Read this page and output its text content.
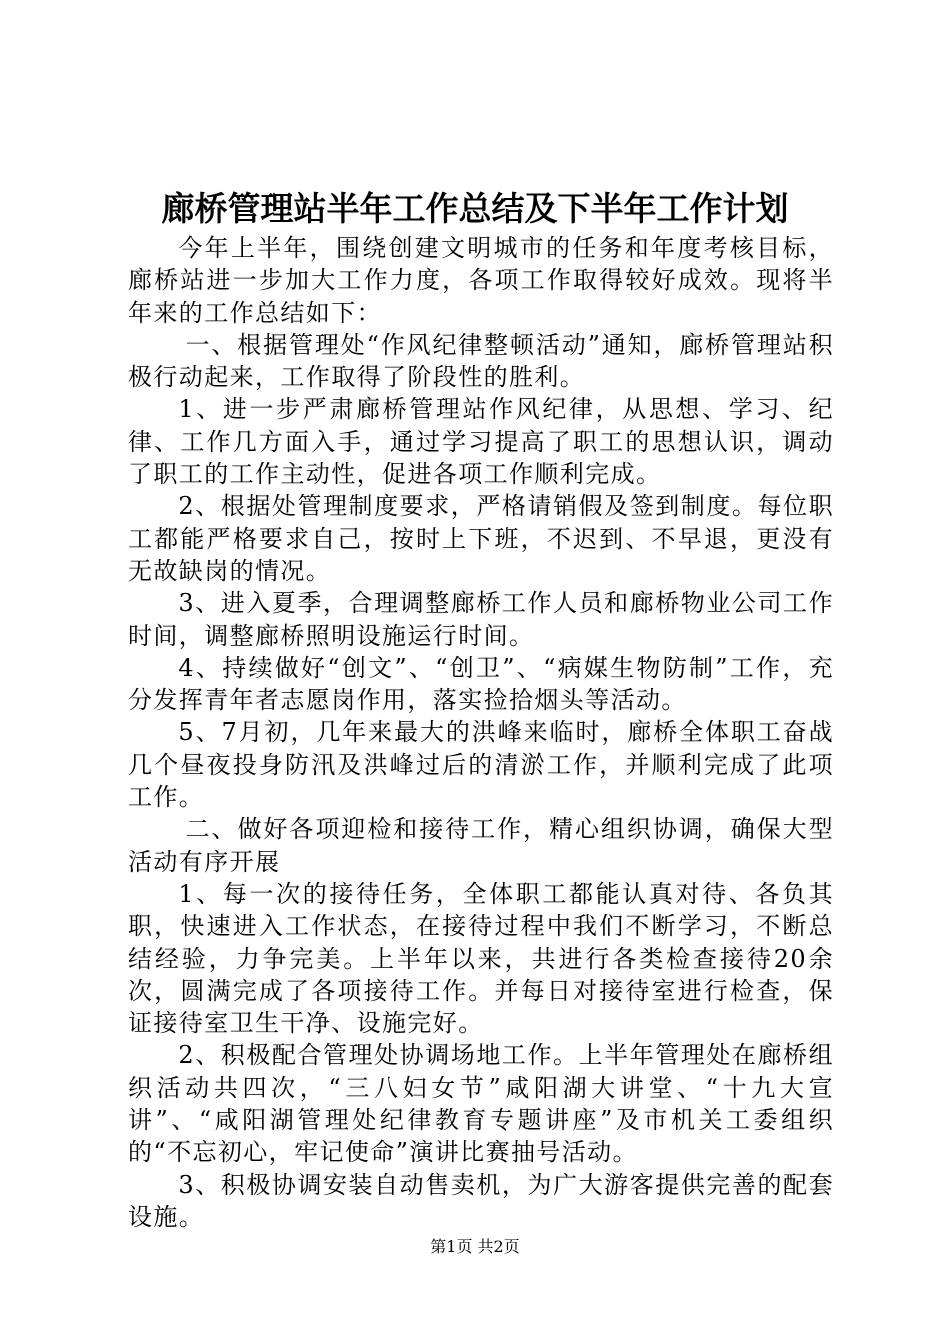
廊桥管理站半年工作总结及下半年工作计划

今年上半年，围绕创建文明城市的任务和年度考核目标，廊桥站进一步加大工作力度，各项工作取得较好成效。现将半年来的工作总结如下：

一、根据管理处“作风纪律整顿活动”通知，廊桥管理站积极行动起来，工作取得了阶段性的胜利。

1、进一步严肃廊桥管理站作风纪律，从思想、学习、纪律、工作几方面入手，通过学习提高了职工的思想认识，调动了职工的工作主动性，促进各项工作顺利完成。

2、根据处管理制度要求，严格请销假及签到制度。每位职工都能严格要求自己，按时上下班，不迟到、不早退，更没有无故缺岗的情况。

3、进入夏季，合理调整廊桥工作人员和廊桥物业公司工作时间，调整廊桥照明设施运行时间。

4、持续做好“创文”、“创卫”、“病媒生物防制”工作，充分发挥青年者志愿岗作用，落实捡拾烟头等活动。

5、7月初，几年来最大的洪峰来临时，廊桥全体职工奋战几个昼夜投身防汛及洪峰过后的清淤工作，并顺利完成了此项工作。

二、做好各项迎检和接待工作，精心组织协调，确保大型活动有序开展

1、每一次的接待任务，全体职工都能认真对待、各负其职，快速进入工作状态，在接待过程中我们不断学习，不断总结经验，力争完美。上半年以来，共进行各类检查接待20余次，圆满完成了各项接待工作。并每日对接待室进行检查，保证接待室卫生干净、设施完好。

2、积极配合管理处协调场地工作。上半年管理处在廊桥组织活动共四次，“三八妇女节”咸阳湖大讲堂、“十九大宣讲”、“咸阳湖管理处纪律教育专题讲座”及市机关工委组织的“不忘初心，牢记使命”演讲比赛抽号活动。

3、积极协调安装自动售卖机，为广大游客提供完善的配套设施。

第1页 共2页
